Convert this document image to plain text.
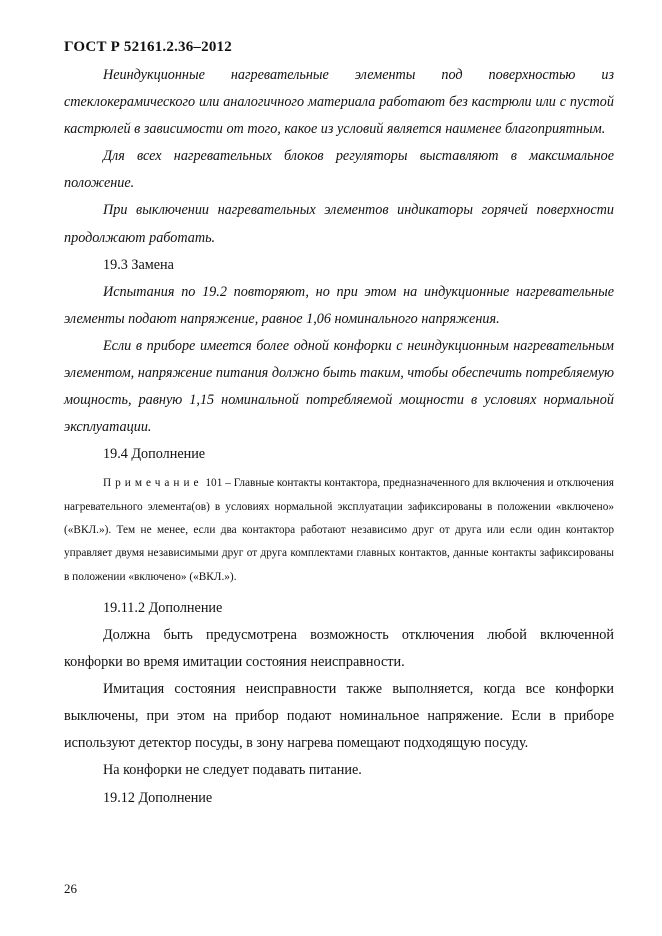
ГОСТ Р 52161.2.36–2012

Неиндукционные нагревательные элементы под поверхностью из стеклокерамического или аналогичного материала работают без кастрюли или с пустой кастрюлей в зависимости от того, какое из условий является наименее благоприятным.

Для всех нагревательных блоков регуляторы выставляют в максимальное положение.

При выключении нагревательных элементов индикаторы горячей поверхности продолжают работать.

19.3 Замена

Испытания по 19.2 повторяют, но при этом на индукционные нагревательные элементы подают напряжение, равное 1,06 номинального напряжения.

Если в приборе имеется более одной конфорки с неиндукционным нагревательным элементом, напряжение питания должно быть таким, чтобы обеспечить потребляемую мощность, равную 1,15 номинальной потребляемой мощности в условиях нормальной эксплуатации.

19.4 Дополнение

Примечание 101 – Главные контакты контактора, предназначенного для включения и отключения нагревательного элемента(ов) в условиях нормальной эксплуатации зафиксированы в положении «включено» («ВКЛ.»). Тем не менее, если два контактора работают независимо друг от друга или если один контактор управляет двумя независимыми друг от друга комплектами главных контактов, данные контакты зафиксированы в положении «включено» («ВКЛ.»).

19.11.2 Дополнение

Должна быть предусмотрена возможность отключения любой включенной конфорки во время имитации состояния неисправности.

Имитация состояния неисправности также выполняется, когда все конфорки выключены, при этом на прибор подают номинальное напряжение. Если в приборе используют детектор посуды, в зону нагрева помещают подходящую посуду.

На конфорки не следует подавать питание.

19.12 Дополнение

26
